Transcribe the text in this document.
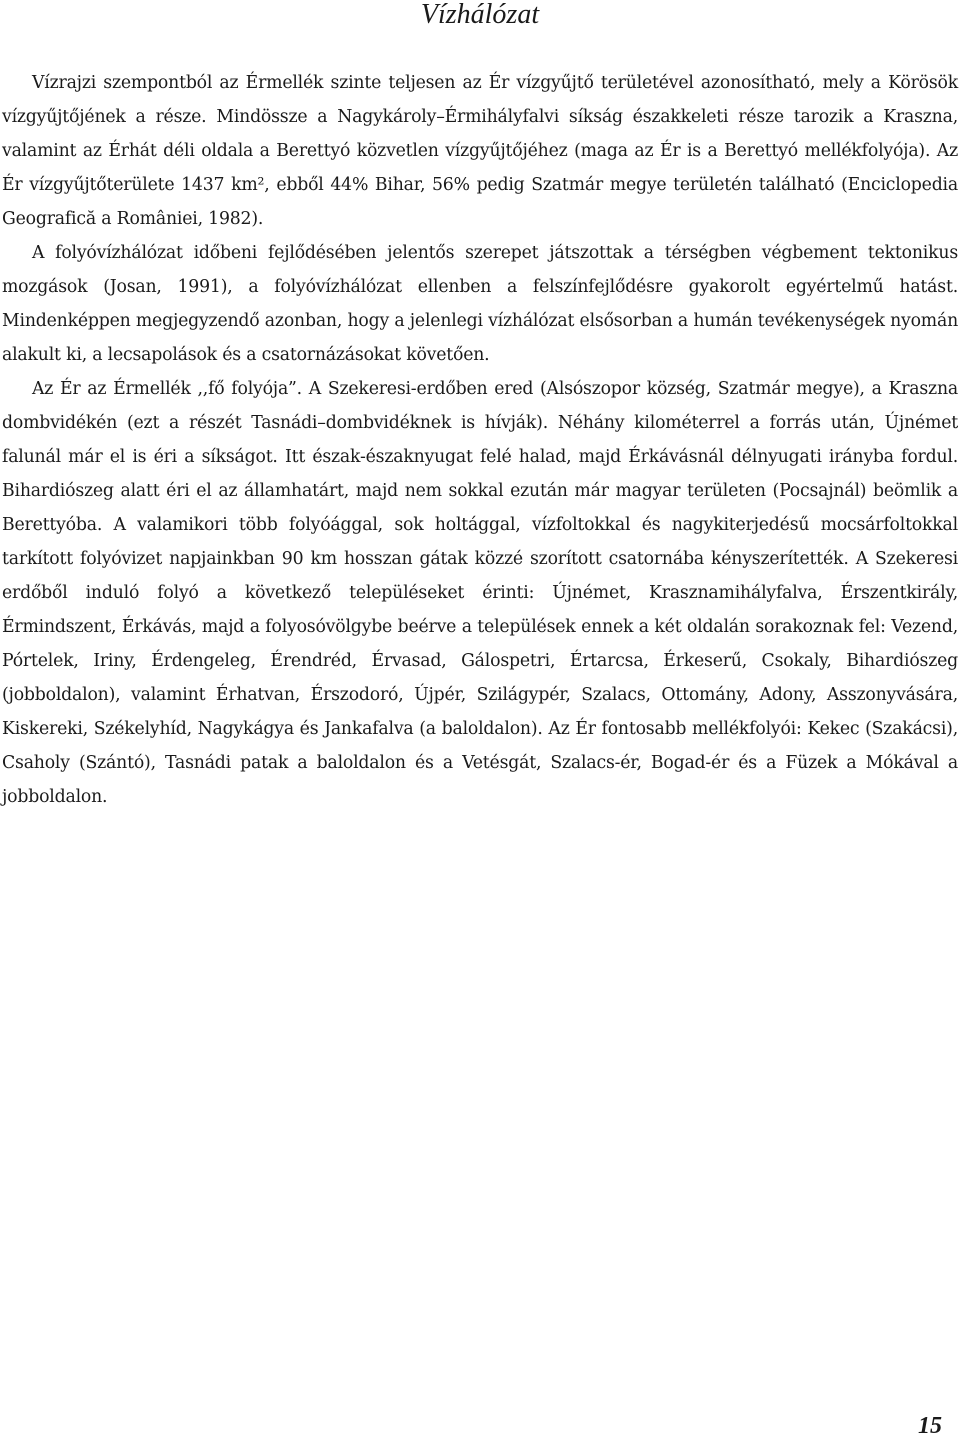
Vízhálózat

Vízrajzi szempontból az Érmellék szinte teljesen az Ér vízgyűjtő területével azonosítható, mely a Körösök vízgyűjtőjének a része. Mindössze a Nagykároly–Érmihályfalvi síkság északkeleti része tarozik a Kraszna, valamint az Érhát déli oldala a Berettyó közvetlen vízgyűjtőjéhez (maga az Ér is a Berettyó mellékfolyója). Az Ér vízgyűjtőterülete 1437 km², ebből 44% Bihar, 56% pedig Szatmár megye területén található (Enciclopedia Geografică a României, 1982).

A folyóvízhálózat időbeni fejlődésében jelentős szerepet játszottak a térségben végbement tektonikus mozgások (Josan, 1991), a folyóvízhálózat ellenben a felszínfejlődésre gyakorolt egyértelmű hatást. Mindenképpen megjegyzendő azonban, hogy a jelenlegi vízhálózat elsősorban a humán tevékenységek nyomán alakult ki, a lecsapolások és a csatornázásokat követően.

Az Ér az Érmellék ,,fő folyója”. A Szekeresi-erdőben ered (Alsószopor község, Szatmár megye), a Kraszna dombvidékén (ezt a részét Tasnádi–dombvidéknek is hívják). Néhány kilométerrel a forrás után, Újnémet falunál már el is éri a síkságot. Itt észak-északnyugat felé halad, majd Érkávásnál délnyugati irányba fordul. Bihardiószeg alatt éri el az államhatárt, majd nem sokkal ezután már magyar területen (Pocsajnál) beömlik a Berettyóba. A valamikori több folyóággal, sok holtággal, vízfoltokkal és nagykiterjedésű mocsárfoltokkal tarkított folyóvizet napjainkban 90 km hosszan gátak közzé szorított csatornába kényszerítették. A Szekeresi erdőből induló folyó a következő településeket érinti: Újnémet, Krasznamihályfalva, Érszentkirály, Érmindszent, Érkávás, majd a folyosóvölgybe beérve a települések ennek a két oldalán sorakoznak fel: Vezend, Pórtelek, Iriny, Érdengeleg, Érendréd, Érvasad, Gálospetri, Értarcsa, Érkeserű, Csokaly, Bihardiószeg (jobboldalon), valamint Érhatvan, Érszodoró, Újpér, Szilágypér, Szalacs, Ottomány, Adony, Asszonyvására, Kiskereki, Székelyhíd, Nagykágya és Jankafalva (a baloldalon). Az Ér fontosabb mellékfolyói: Kekec (Szakácsi), Csaholy (Szántó), Tasnádi patak a baloldalon és a Vetésgát, Szalacs-ér, Bogad-ér és a Füzek a Mókával a jobboldalon.

15
